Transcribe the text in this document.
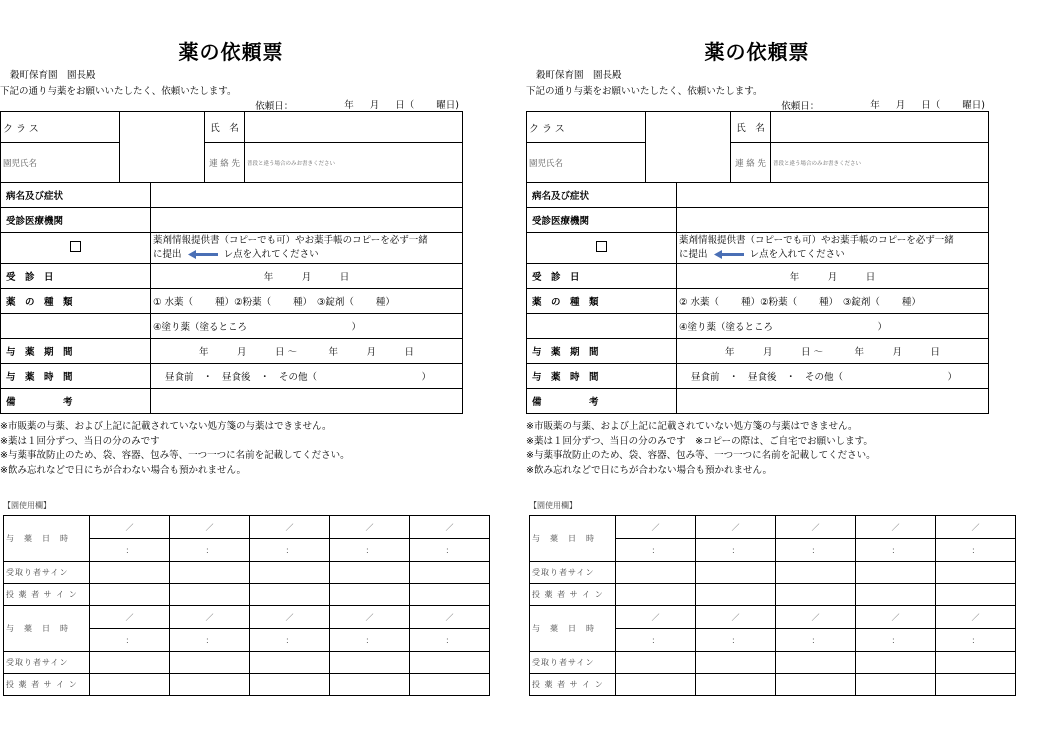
薬の依頼票
穀町保育園　園長殿
下記の通り与薬をお願いいたしたく、依頼いたします。
依頼日：	年 月 日（ 曜日)
クラス			氏　名	
園児氏名			連 絡 先	普段と違う場合のみお書きください

病名及び症状				

受診医療機関				

		薬剤情報提供書（コピーでも可）やお薬手帳のコピーを必ず一緒
に提出 レ点を入れてください		

受　診　日		年　　　月　　　日		

薬　の　種　類		① 水薬（　　 種）②粉薬（　　 種）　③錠剤（　　 種）		
		④塗り薬（塗るところ　　　　　　　　　　　）		

与　薬　期　間		年　　　月　　　日 ～　　　 年　　　月　　　日		

与　薬　時　間		昼食前　・　昼食後　・　その他（　　　　　　　　　　　）		

備　　　　　考				

※市販薬の与薬、および上記に記載されていない処方箋の与薬はできません。
※薬は１回分ずつ、当日の分のみです
※与薬事故防止のため、袋、容器、包み等、一つ一つに名前を記載してください。
※飲み忘れなどで日にちが合わない場合も預かれません。
【園使用欄】
与　薬　日　時	／	／	／	／	／
	：	：	：	：	：
受取り者サイン					
投 薬 者 サ イ ン					
与　薬　日　時	／	／	／	／	／
	：	：	：	：	：
受取り者サイン					
投 薬 者 サ イ ン					
薬の依頼票
穀町保育園　園長殿
下記の通り与薬をお願いいたしたく、依頼いたします。
依頼日：	年 月 日（ 曜日)
クラス			氏　名	
園児氏名			連 絡 先	普段と違う場合のみお書きください

病名及び症状				

受診医療機関				

		薬剤情報提供書（コピーでも可）やお薬手帳のコピーを必ず一緒
に提出 レ点を入れてください		

受　診　日		年　　　月　　　日		

薬　の　種　類		② 水薬（　　 種）②粉薬（　　 種）　③錠剤（　　 種）		
		④塗り薬（塗るところ　　　　　　　　　　　）		

与　薬　期　間		年　　　月　　　日 ～　　　 年　　　月　　　日		

与　薬　時　間		昼食前　・　昼食後　・　その他（　　　　　　　　　　　）		

備　　　　　考				

※市販薬の与薬、および上記に記載されていない処方箋の与薬はできません。
※薬は１回分ずつ、当日の分のみです　※コピーの際は、ご自宅でお願いします。
※与薬事故防止のため、袋、容器、包み等、一つ一つに名前を記載してください。
※飲み忘れなどで日にちが合わない場合も預かれません。
【園使用欄】
与　薬　日　時	／	／	／	／	／
	：	：	：	：	：
受取り者サイン					
投 薬 者 サ イ ン					
与　薬　日　時	／	／	／	／	／
	：	：	：	：	：
受取り者サイン					
投 薬 者 サ イ ン					
